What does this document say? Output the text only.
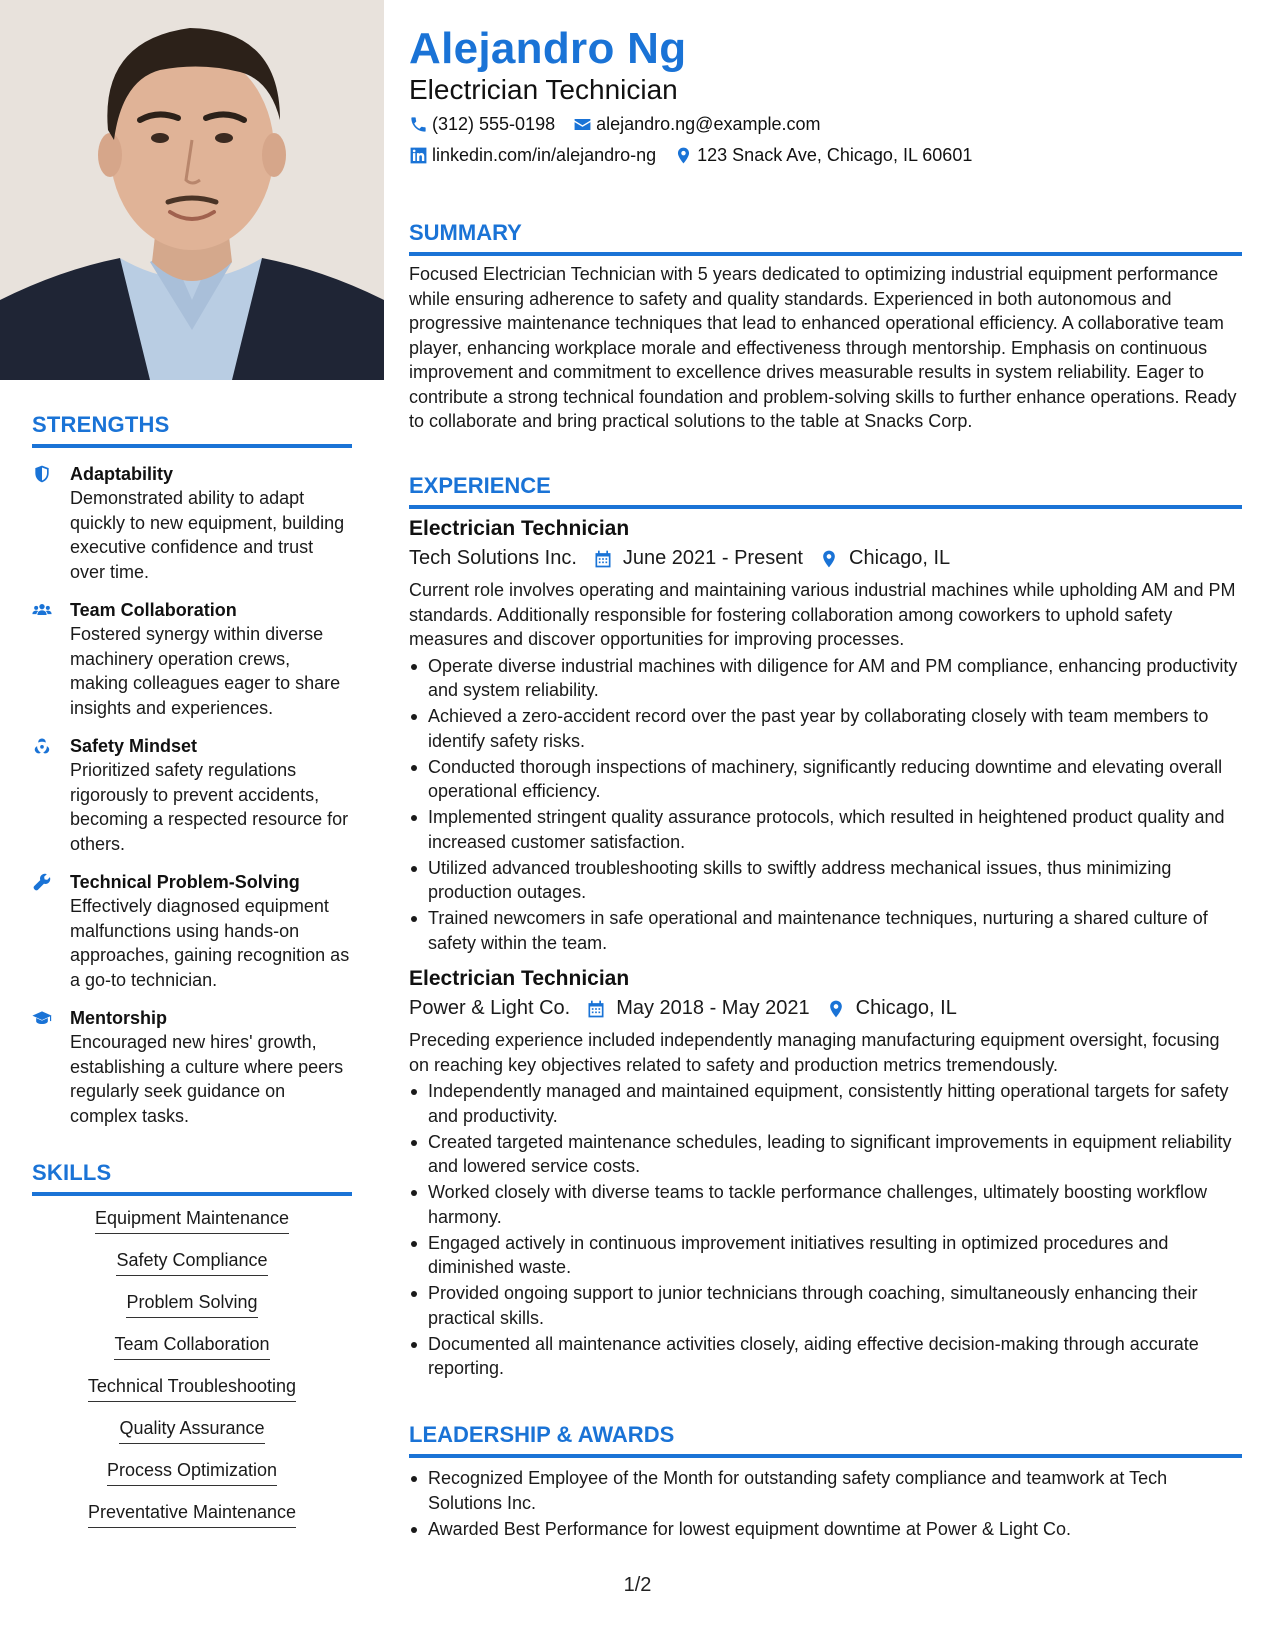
STRENGTHS
Adaptability
Demonstrated ability to adapt quickly to new equipment, building executive confidence and trust over time.
Team Collaboration
Fostered synergy within diverse machinery operation crews, making colleagues eager to share insights and experiences.
Safety Mindset
Prioritized safety regulations rigorously to prevent accidents, becoming a respected resource for others.
Technical Problem-Solving
Effectively diagnosed equipment malfunctions using hands-on approaches, gaining recognition as a go-to technician.
Mentorship
Encouraged new hires' growth, establishing a culture where peers regularly seek guidance on complex tasks.
SKILLS
Equipment Maintenance
Safety Compliance
Problem Solving
Team Collaboration
Technical Troubleshooting
Quality Assurance
Process Optimization
Preventative Maintenance
Alejandro Ng
Electrician Technician
(312) 555-0198 alejandro.ng@example.com
linkedin.com/in/alejandro-ng 123 Snack Ave, Chicago, IL 60601
SUMMARY
Focused Electrician Technician with 5 years dedicated to optimizing industrial equipment performance while ensuring adherence to safety and quality standards. Experienced in both autonomous and progressive maintenance techniques that lead to enhanced operational efficiency. A collaborative team player, enhancing workplace morale and effectiveness through mentorship. Emphasis on continuous improvement and commitment to excellence drives measurable results in system reliability. Eager to contribute a strong technical foundation and problem-solving skills to further enhance operations. Ready to collaborate and bring practical solutions to the table at Snacks Corp.
EXPERIENCE
Electrician Technician
Tech Solutions Inc. June 2021 - Present Chicago, IL
Current role involves operating and maintaining various industrial machines while upholding AM and PM standards. Additionally responsible for fostering collaboration among coworkers to uphold safety measures and discover opportunities for improving processes.
Operate diverse industrial machines with diligence for AM and PM compliance, enhancing productivity and system reliability.
Achieved a zero-accident record over the past year by collaborating closely with team members to identify safety risks.
Conducted thorough inspections of machinery, significantly reducing downtime and elevating overall operational efficiency.
Implemented stringent quality assurance protocols, which resulted in heightened product quality and increased customer satisfaction.
Utilized advanced troubleshooting skills to swiftly address mechanical issues, thus minimizing production outages.
Trained newcomers in safe operational and maintenance techniques, nurturing a shared culture of safety within the team.
Electrician Technician
Power & Light Co. May 2018 - May 2021 Chicago, IL
Preceding experience included independently managing manufacturing equipment oversight, focusing on reaching key objectives related to safety and production metrics tremendously.
Independently managed and maintained equipment, consistently hitting operational targets for safety and productivity.
Created targeted maintenance schedules, leading to significant improvements in equipment reliability and lowered service costs.
Worked closely with diverse teams to tackle performance challenges, ultimately boosting workflow harmony.
Engaged actively in continuous improvement initiatives resulting in optimized procedures and diminished waste.
Provided ongoing support to junior technicians through coaching, simultaneously enhancing their practical skills.
Documented all maintenance activities closely, aiding effective decision-making through accurate reporting.
LEADERSHIP & AWARDS
Recognized Employee of the Month for outstanding safety compliance and teamwork at Tech Solutions Inc.
Awarded Best Performance for lowest equipment downtime at Power & Light Co.
1/2
